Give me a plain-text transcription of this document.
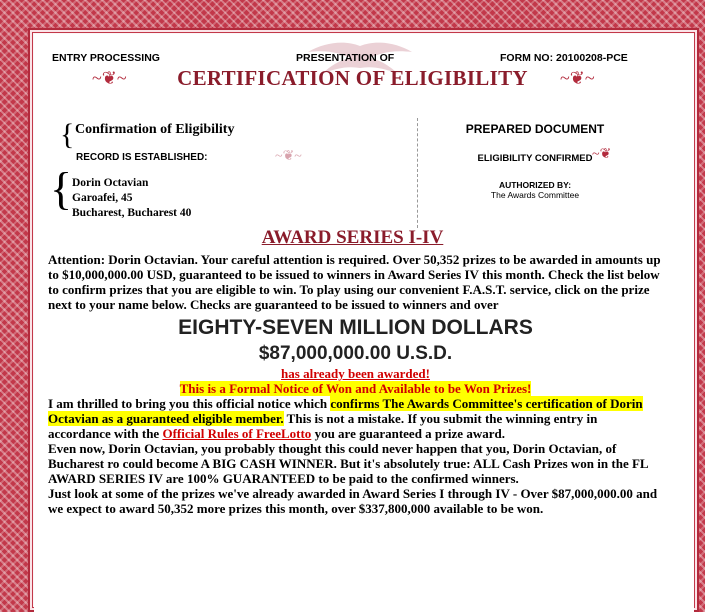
ENTRY PROCESSING	PRESENTATION OF	FORM NO: 20100208-PCE
CERTIFICATION OF ELIGIBILITY
~❦~	~❦~
{ Confirmation of Eligibility
RECORD IS ESTABLISHED:	~❦~
{ Dorin Octavian
Garoafei, 45
Bucharest, Bucharest 40
PREPARED DOCUMENT
ELIGIBILITY CONFIRMED ~❦
AUTHORIZED BY:
The Awards Committee
AWARD SERIES I-IV

Attention: Dorin Octavian. Your careful attention is required. Over 50,352 prizes to be awarded in amounts up to $10,000,000.00 USD, guaranteed to be issued to winners in Award Series IV this month. Check the list below to confirm prizes that you are eligible to win. To play using our convenient F.A.S.T. service, click on the prize next to your name below. Checks are guaranteed to be issued to winners and over

EIGHTY-SEVEN MILLION DOLLARS
$87,000,000.00 U.S.D.
has already been awarded!
This is a Formal Notice of Won and Available to be Won Prizes!

I am thrilled to bring you this official notice which confirms The Awards Committee's certification of Dorin Octavian as a guaranteed eligible member. This is not a mistake. If you submit the winning entry in accordance with the Official Rules of FreeLotto you are guaranteed a prize award.

Even now, Dorin Octavian, you probably thought this could never happen that you, Dorin Octavian, of Bucharest ro could become A BIG CASH WINNER. But it's absolutely true: ALL Cash Prizes won in the FL AWARD SERIES IV are 100% GUARANTEED to be paid to the confirmed winners.

Just look at some of the prizes we've already awarded in Award Series I through IV - Over $87,000,000.00 and we expect to award 50,352 more prizes this month, over $337,800,000 available to be won.
